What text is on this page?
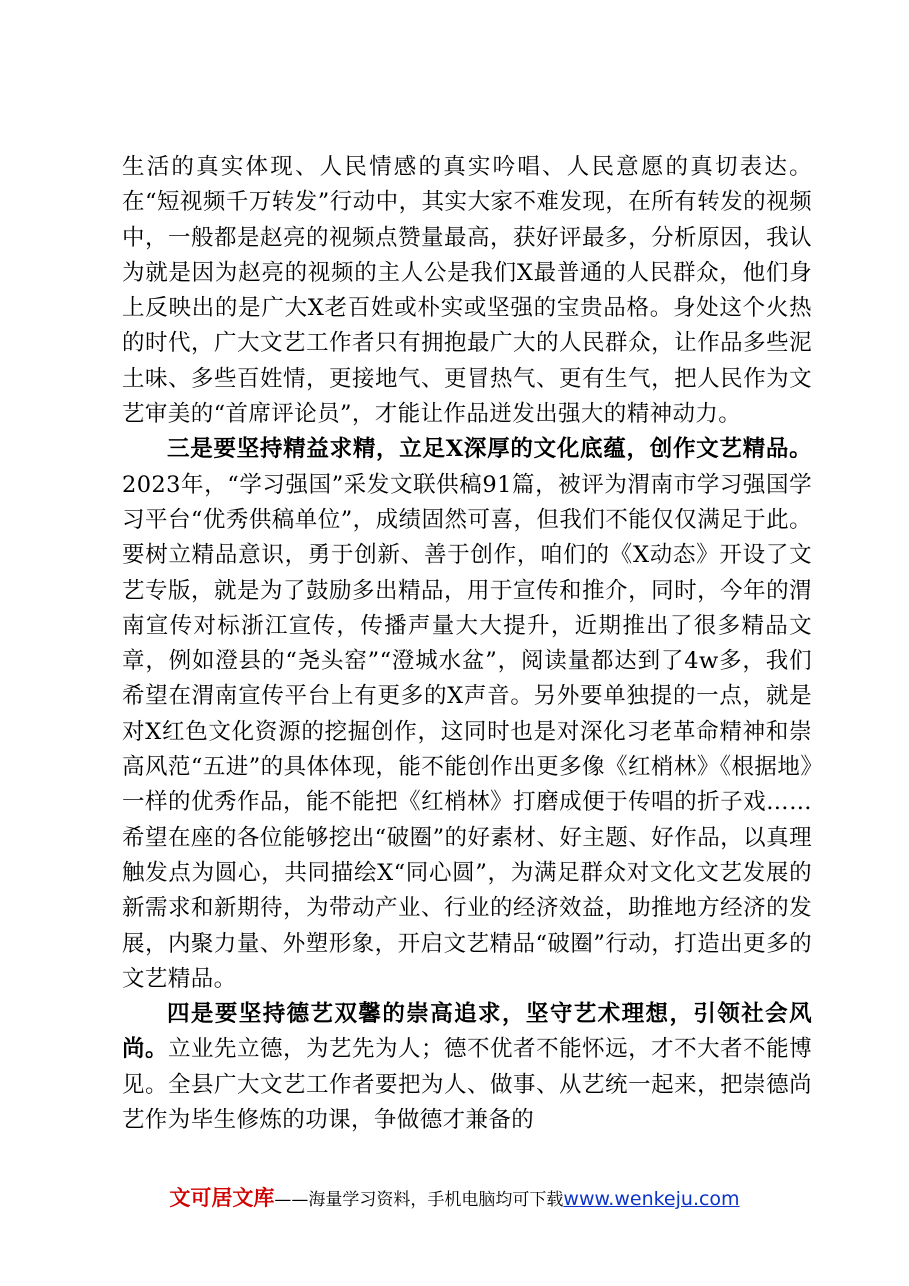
生活的真实体现、人民情感的真实吟唱、人民意愿的真切表达。在“短视频千万转发”行动中，其实大家不难发现，在所有转发的视频中，一般都是赵亮的视频点赞量最高，获好评最多，分析原因，我认为就是因为赵亮的视频的主人公是我们X最普通的人民群众，他们身上反映出的是广大X老百姓或朴实或坚强的宝贵品格。身处这个火热的时代，广大文艺工作者只有拥抱最广大的人民群众，让作品多些泥土味、多些百姓情，更接地气、更冒热气、更有生气，把人民作为文艺审美的“首席评论员”，才能让作品迸发出强大的精神动力。

三是要坚持精益求精，立足X深厚的文化底蕴，创作文艺精品。2023年，“学习强国”采发文联供稿91篇，被评为渭南市学习强国学习平台“优秀供稿单位”，成绩固然可喜，但我们不能仅仅满足于此。要树立精品意识，勇于创新、善于创作，咱们的《X动态》开设了文艺专版，就是为了鼓励多出精品，用于宣传和推介，同时，今年的渭南宣传对标浙江宣传，传播声量大大提升，近期推出了很多精品文章，例如澄县的“尧头窑”“澄城水盆”，阅读量都达到了4w多，我们希望在渭南宣传平台上有更多的X声音。另外要单独提的一点，就是对X红色文化资源的挖掘创作，这同时也是对深化习老革命精神和崇高风范“五进”的具体体现，能不能创作出更多像《红梢林》《根据地》一样的优秀作品，能不能把《红梢林》打磨成便于传唱的折子戏……希望在座的各位能够挖出“破圈”的好素材、好主题、好作品，以真理触发点为圆心，共同描绘X“同心圆”，为满足群众对文化文艺发展的新需求和新期待，为带动产业、行业的经济效益，助推地方经济的发展，内聚力量、外塑形象，开启文艺精品“破圈”行动，打造出更多的文艺精品。

四是要坚持德艺双馨的崇高追求，坚守艺术理想，引领社会风尚。立业先立德，为艺先为人；德不优者不能怀远，才不大者不能博见。全县广大文艺工作者要把为人、做事、从艺统一起来，把崇德尚艺作为毕生修炼的功课，争做德才兼备的

文可居文库——海量学习资料，手机电脑均可下载www.wenkeju.com
